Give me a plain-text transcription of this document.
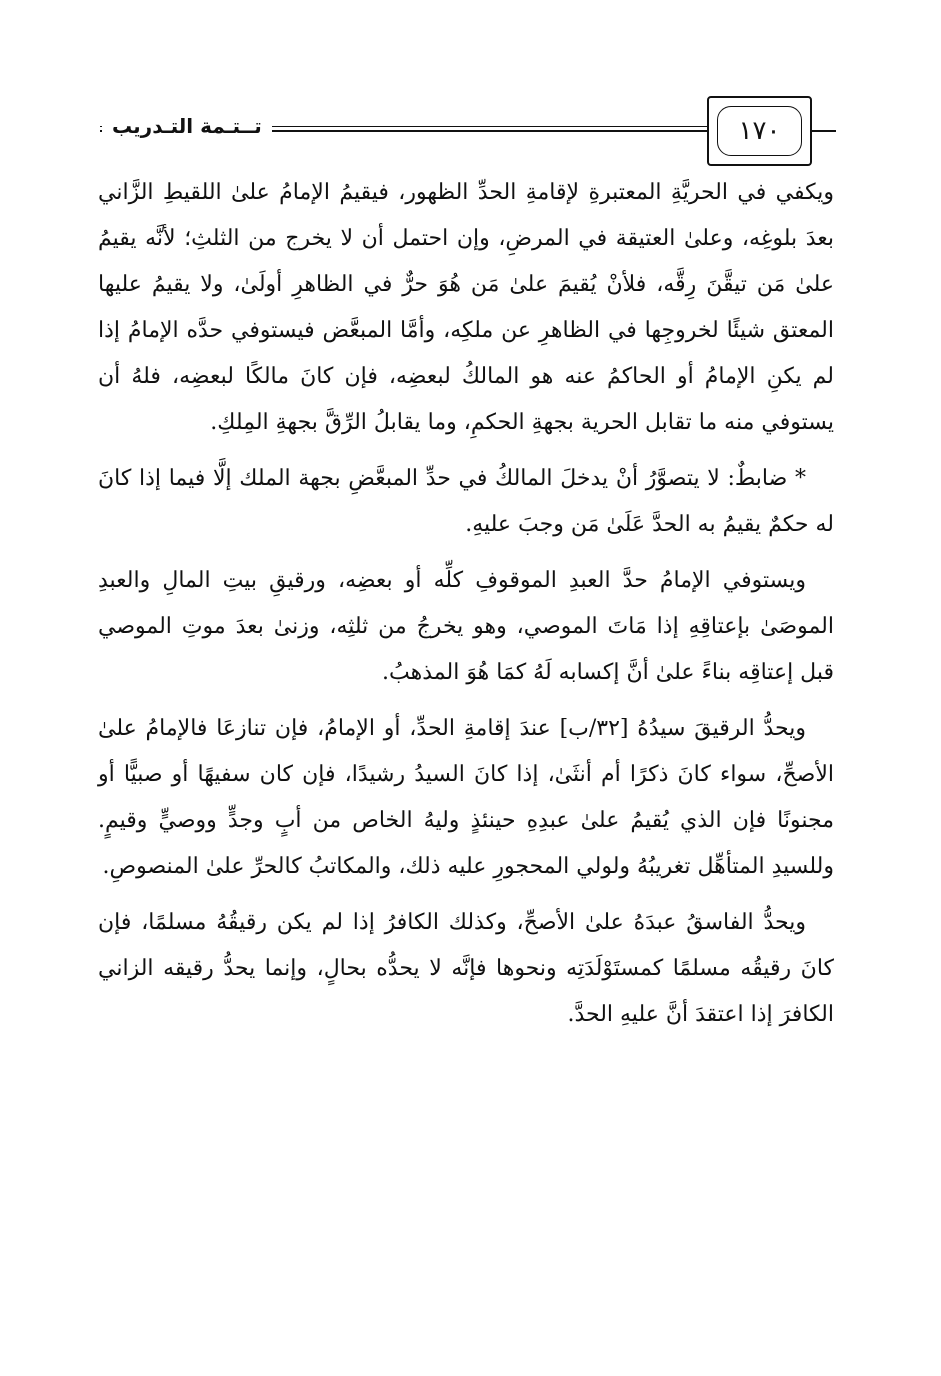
تــتـمة التـدريب	١٧٠

ويكفي في الحريَّةِ المعتبرةِ لإقامةِ الحدِّ الظهور، فيقيمُ الإمامُ علىٰ اللقيطِ الزَّاني بعدَ بلوغِه، وعلىٰ العتيقة في المرضِ، وإن احتمل أن لا يخرج من الثلثِ؛ لأنَّه يقيمُ علىٰ مَن تيقَّنَ رِقَّه، فلأنْ يُقيمَ علىٰ مَن هُوَ حرٌّ في الظاهرِ أولَىٰ، ولا يقيمُ عليها المعتق شيئًا لخروجِها في الظاهرِ عن ملكِه، وأمَّا المبعَّض فيستوفي حدَّه الإمامُ إذا لم يكنِ الإمامُ أو الحاكمُ عنه هو المالكُ لبعضِه، فإن كانَ مالكًا لبعضِه، فلهُ أن يستوفي منه ما تقابل الحرية بجهةِ الحكمِ، وما يقابلُ الرِّقَّ بجهةِ المِلكِ.

* ضابطٌ: لا يتصوَّرُ أنْ يدخلَ المالكُ في حدِّ المبعَّضِ بجهة الملك إلَّا فيما إذا كانَ له حكمٌ يقيمُ به الحدَّ عَلَىٰ مَن وجبَ عليهِ.

ويستوفي الإمامُ حدَّ العبدِ الموقوفِ كلِّه أو بعضِه، ورقيقِ بيتِ المالِ والعبدِ الموصَىٰ بإعتاقِهِ إذا مَاتَ الموصي، وهو يخرجُ من ثلثِه، وزنىٰ بعدَ موتِ الموصي قبل إعتاقِه بناءً علىٰ أنَّ إكسابه لَهُ كمَا هُوَ المذهبُ.

ويحدُّ الرقيقَ سيدُهُ [٣٢/ب] عندَ إقامةِ الحدِّ، أو الإمامُ، فإن تنازعَا فالإمامُ علىٰ الأصحِّ، سواء كانَ ذكرًا أم أنثَىٰ، إذا كانَ السيدُ رشيدًا، فإن كان سفيهًا أو صبيًّا أو مجنونًا فإن الذي يُقيمُ علىٰ عبدِهِ حينئذٍ وليهُ الخاص من أبٍ وجدٍّ ووصيٍّ وقيمٍ. وللسيدِ المتأهِّل تغريبُهُ ولولي المحجورِ عليه ذلك، والمكاتبُ كالحرِّ علىٰ المنصوصِ.

ويحدُّ الفاسقُ عبدَهُ علىٰ الأصحِّ، وكذلك الكافرُ إذا لم يكن رقيقُهُ مسلمًا، فإن كانَ رقيقُه مسلمًا كمستَوْلَدَتِه ونحوها فإنَّه لا يحدُّه بحالٍ، وإنما يحدُّ رقيقه الزاني الكافرَ إذا اعتقدَ أنَّ عليهِ الحدَّ.
